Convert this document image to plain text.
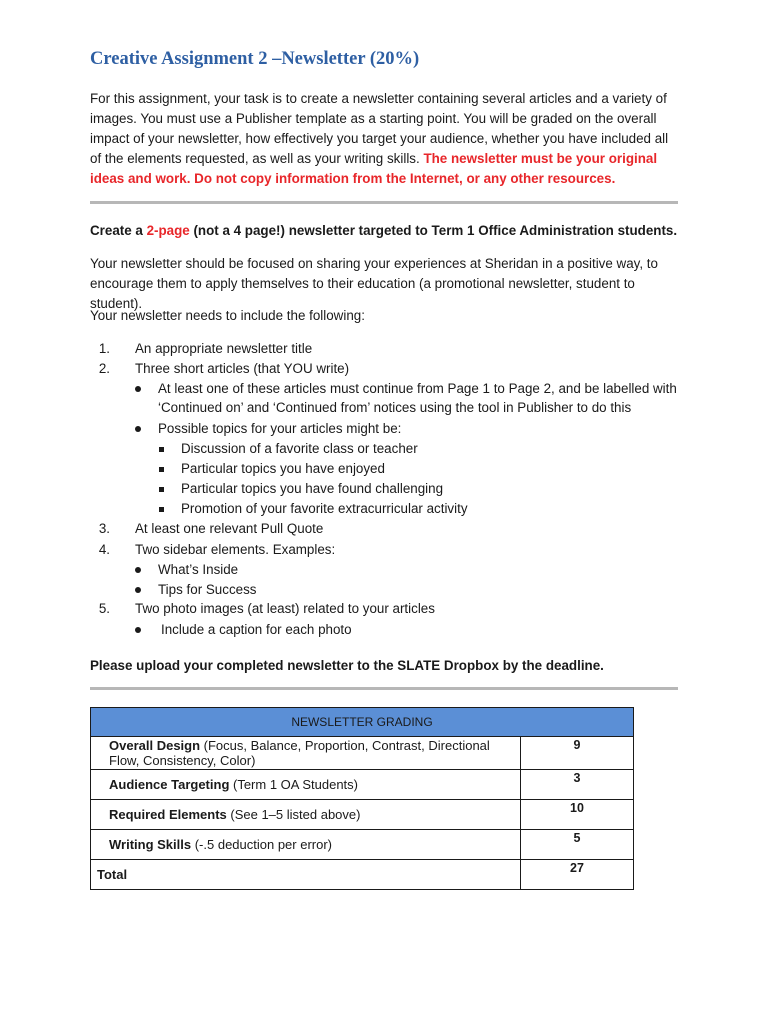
Creative Assignment 2 –Newsletter (20%)
For this assignment, your task is to create a newsletter containing several articles and a variety of images. You must use a Publisher template as a starting point. You will be graded on the overall impact of your newsletter, how effectively you target your audience, whether you have included all of the elements requested, as well as your writing skills. The newsletter must be your original ideas and work. Do not copy information from the Internet, or any other resources.
Create a 2-page (not a 4 page!) newsletter targeted to Term 1 Office Administration students.
Your newsletter should be focused on sharing your experiences at Sheridan in a positive way, to encourage them to apply themselves to their education (a promotional newsletter, student to student).
Your newsletter needs to include the following:
1. An appropriate newsletter title
2. Three short articles (that YOU write)
At least one of these articles must continue from Page 1 to Page 2, and be labelled with
‘Continued on’ and ‘Continued from’ notices using the tool in Publisher to do this
Possible topics for your articles might be:
Discussion of a favorite class or teacher
Particular topics you have enjoyed
Particular topics you have found challenging
Promotion of your favorite extracurricular activity
3. At least one relevant Pull Quote
4. Two sidebar elements. Examples:
What’s Inside
Tips for Success
5. Two photo images (at least) related to your articles
Include a caption for each photo
Please upload your completed newsletter to the SLATE Dropbox by the deadline.
NEWSLETTER GRADING	
Overall Design (Focus, Balance, Proportion, Contrast, Directional Flow, Consistency, Color)	9
Audience Targeting (Term 1 OA Students)	3
Required Elements (See 1–5 listed above)	10
Writing Skills (-.5 deduction per error)	5
Total	27
